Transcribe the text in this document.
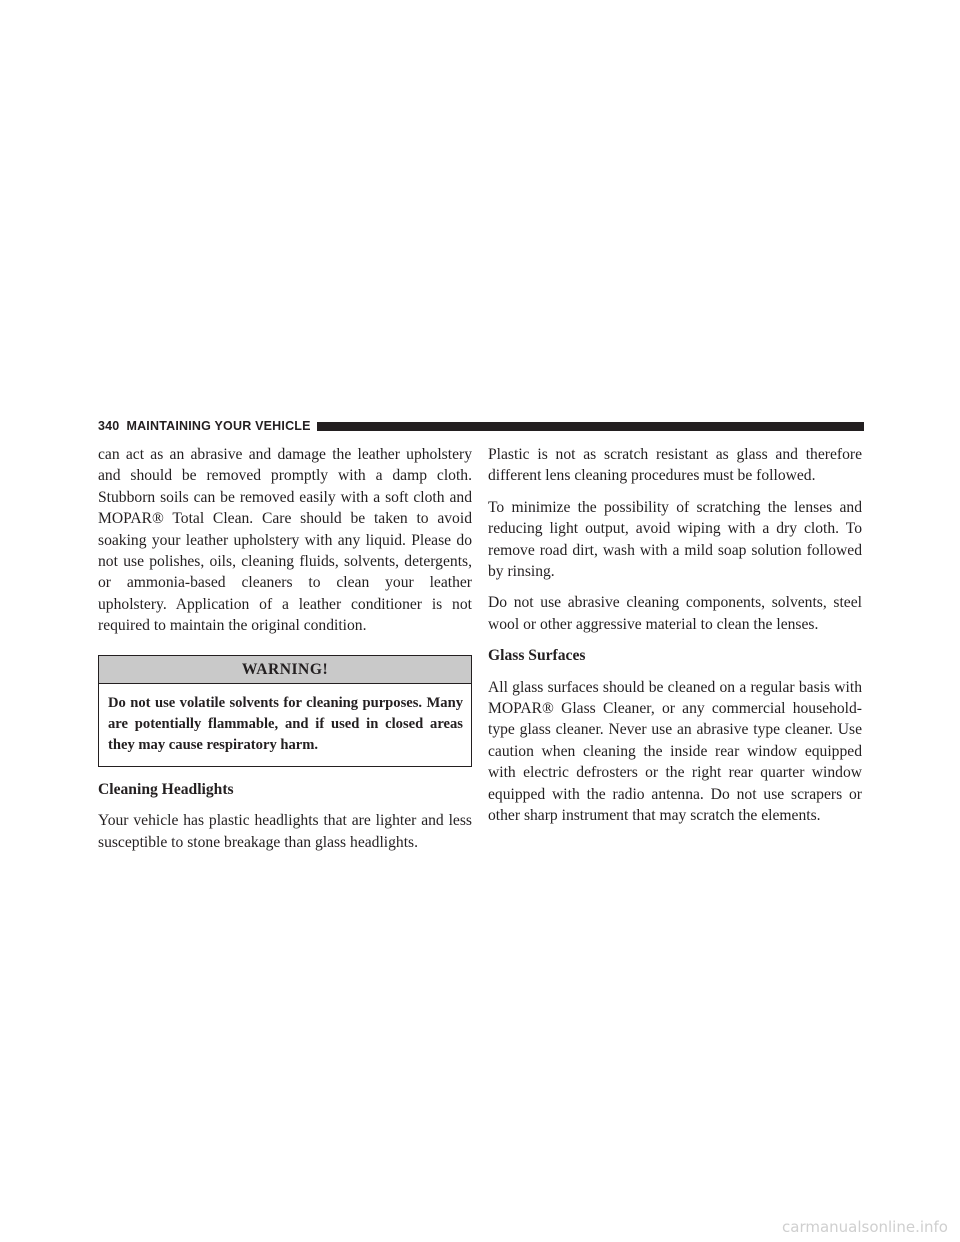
340 MAINTAINING YOUR VEHICLE

can act as an abrasive and damage the leather upholstery and should be removed promptly with a damp cloth. Stubborn soils can be removed easily with a soft cloth and MOPAR® Total Clean. Care should be taken to avoid soaking your leather upholstery with any liquid. Please do not use polishes, oils, cleaning fluids, solvents, detergents, or ammonia-based cleaners to clean your leather upholstery. Application of a leather conditioner is not required to maintain the original condition.

WARNING!

Do not use volatile solvents for cleaning purposes. Many are potentially flammable, and if used in closed areas they may cause respiratory harm.

Cleaning Headlights

Your vehicle has plastic headlights that are lighter and less susceptible to stone breakage than glass headlights.

Plastic is not as scratch resistant as glass and therefore different lens cleaning procedures must be followed.

To minimize the possibility of scratching the lenses and reducing light output, avoid wiping with a dry cloth. To remove road dirt, wash with a mild soap solution followed by rinsing.

Do not use abrasive cleaning components, solvents, steel wool or other aggressive material to clean the lenses.

Glass Surfaces

All glass surfaces should be cleaned on a regular basis with MOPAR® Glass Cleaner, or any commercial household-type glass cleaner. Never use an abrasive type cleaner. Use caution when cleaning the inside rear window equipped with electric defrosters or the right rear quarter window equipped with the radio antenna. Do not use scrapers or other sharp instrument that may scratch the elements.

carmanualsonline.info
